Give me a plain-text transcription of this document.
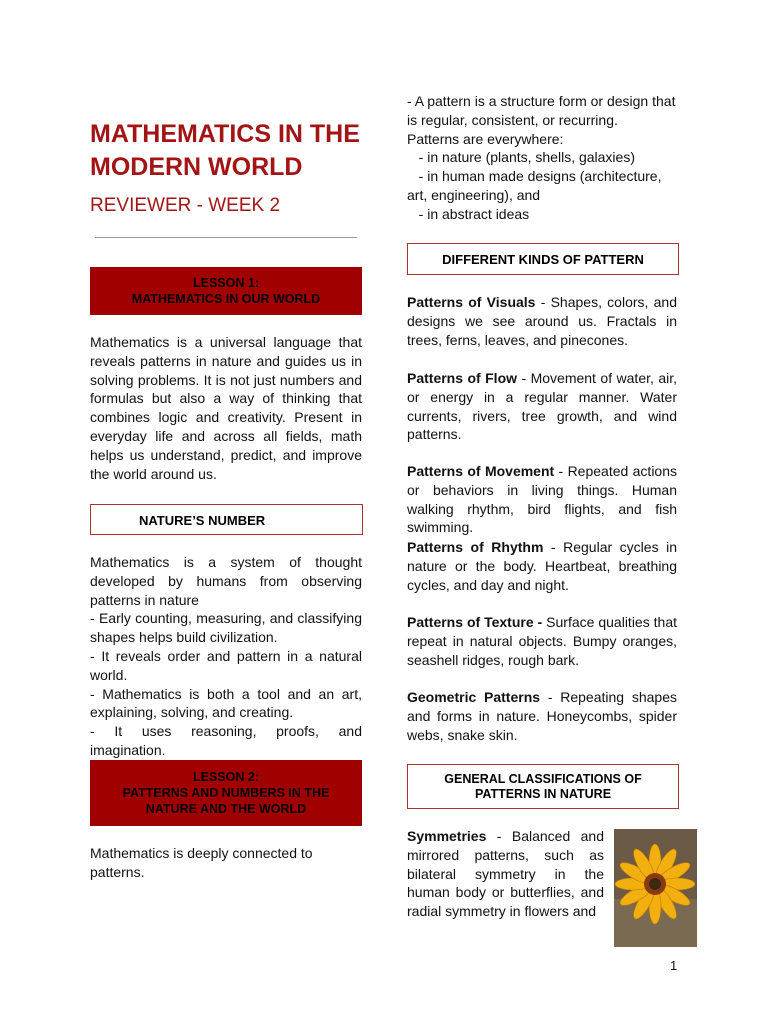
MATHEMATICS IN THE
MODERN WORLD
REVIEWER - WEEK 2
LESSON 1:
MATHEMATICS IN OUR WORLD

Mathematics is a universal language that reveals patterns in nature and guides us in solving problems. It is not just numbers and formulas but also a way of thinking that combines logic and creativity. Present in everyday life and across all fields, math helps us understand, predict, and improve the world around us.

NATURE’S NUMBER

Mathematics is a system of thought developed by humans from observing patterns in nature

- Early counting, measuring, and classifying shapes helps build civilization.

- It reveals order and pattern in a natural world.

- Mathematics is both a tool and an art, explaining, solving, and creating.

- It uses reasoning, proofs, and imagination.

LESSON 2:
PATTERNS AND NUMBERS IN THE
NATURE AND THE WORLD
Mathematics is deeply connected to patterns.
- A pattern is a structure form or design that is regular, consistent, or recurring.
Patterns are everywhere:
- in nature (plants, shells, galaxies)
- in human made designs (architecture, art, engineering), and
- in abstract ideas
DIFFERENT KINDS OF PATTERN
Patterns of Visuals - Shapes, colors, and designs we see around us. Fractals in trees, ferns, leaves, and pinecones.
Patterns of Flow - Movement of water, air, or energy in a regular manner. Water currents, rivers, tree growth, and wind patterns.
Patterns of Movement - Repeated actions or behaviors in living things. Human walking rhythm, bird flights, and fish swimming.
Patterns of Rhythm - Regular cycles in nature or the body. Heartbeat, breathing cycles, and day and night.
Patterns of Texture - Surface qualities that repeat in natural objects. Bumpy oranges, seashell ridges, rough bark.
Geometric Patterns - Repeating shapes and forms in nature. Honeycombs, spider webs, snake skin.
GENERAL CLASSIFICATIONS OF
PATTERNS IN NATURE
Symmetries - Balanced and mirrored patterns, such as bilateral symmetry in the human body or butterflies, and radial symmetry in flowers and
1
